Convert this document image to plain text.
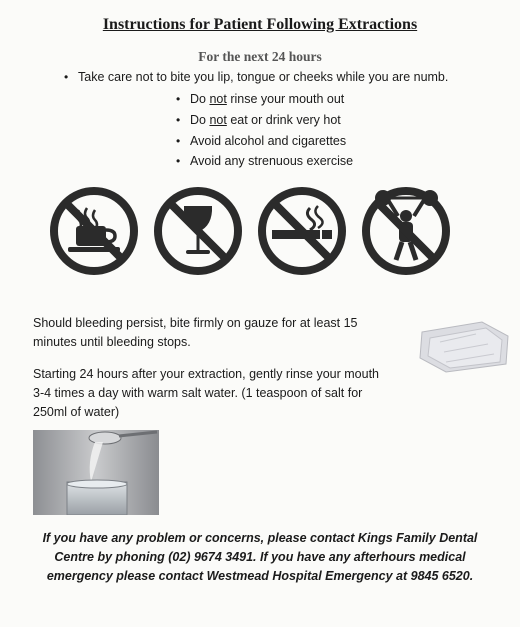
Instructions for Patient Following Extractions
For the next 24 hours
• Take care not to bite you lip, tongue or cheeks while you are numb.
• Do not rinse your mouth out
• Do not eat or drink very hot
• Avoid alcohol and cigarettes
• Avoid any strenuous exercise
Should bleeding persist, bite firmly on gauze for at least 15
minutes until bleeding stops.
Starting 24 hours after your extraction, gently rinse your mouth
3-4 times a day with warm salt water. (1 teaspoon of salt for
250ml of water)
If you have any problem or concerns, please contact Kings Family Dental
Centre by phoning (02) 9674 3491. If you have any afterhours medical
emergency please contact Westmead Hospital Emergency at 9845 6520.
